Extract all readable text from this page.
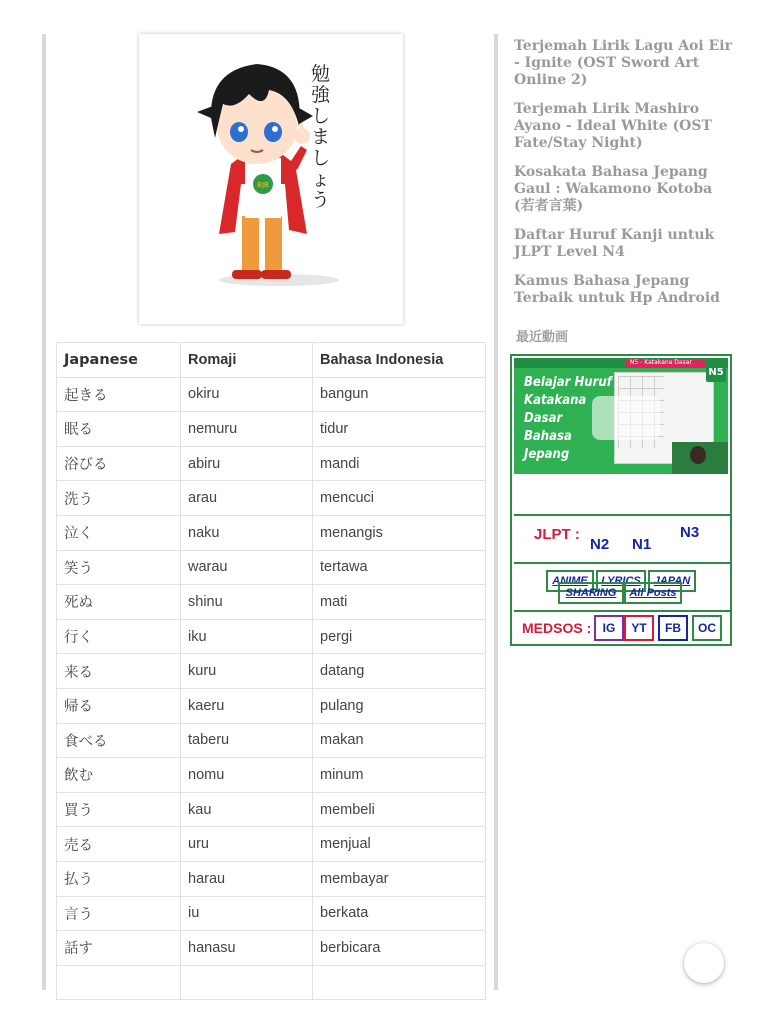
BJB
勉強しましょう
Japanese	Romaji	Bahasa Indonesia
起きる	okiru	bangun
眠る	nemuru	tidur
浴びる	abiru	mandi
洗う	arau	mencuci
泣く	naku	menangis
笑う	warau	tertawa
死ぬ	shinu	mati
行く	iku	pergi
来る	kuru	datang
帰る	kaeru	pulang
食べる	taberu	makan
飲む	nomu	minum
買う	kau	membeli
売る	uru	menjual
払う	harau	membayar
言う	iu	berkata
話す	hanasu	berbicara

Terjemah Lirik Lagu Aoi Eir - Ignite (OST Sword Art Online 2)
Terjemah Lirik Mashiro Ayano - Ideal White (OST Fate/Stay Night)
Kosakata Bahasa Jepang Gaul : Wakamono Kotoba (若者言葉)
Daftar Huruf Kanji untuk JLPT Level N4
Kamus Bahasa Jepang Terbaik untuk Hp Android
最近動画
Belajar Huruf Katakana Dasar Bahasa Jepang
N5
N5 - Katakana Dasar
JLPT :	N3
N2 N1
ANIME	LYRICS	JAPAN
SHARING	All Posts
MEDSOS : IG	YT	FB	OC
